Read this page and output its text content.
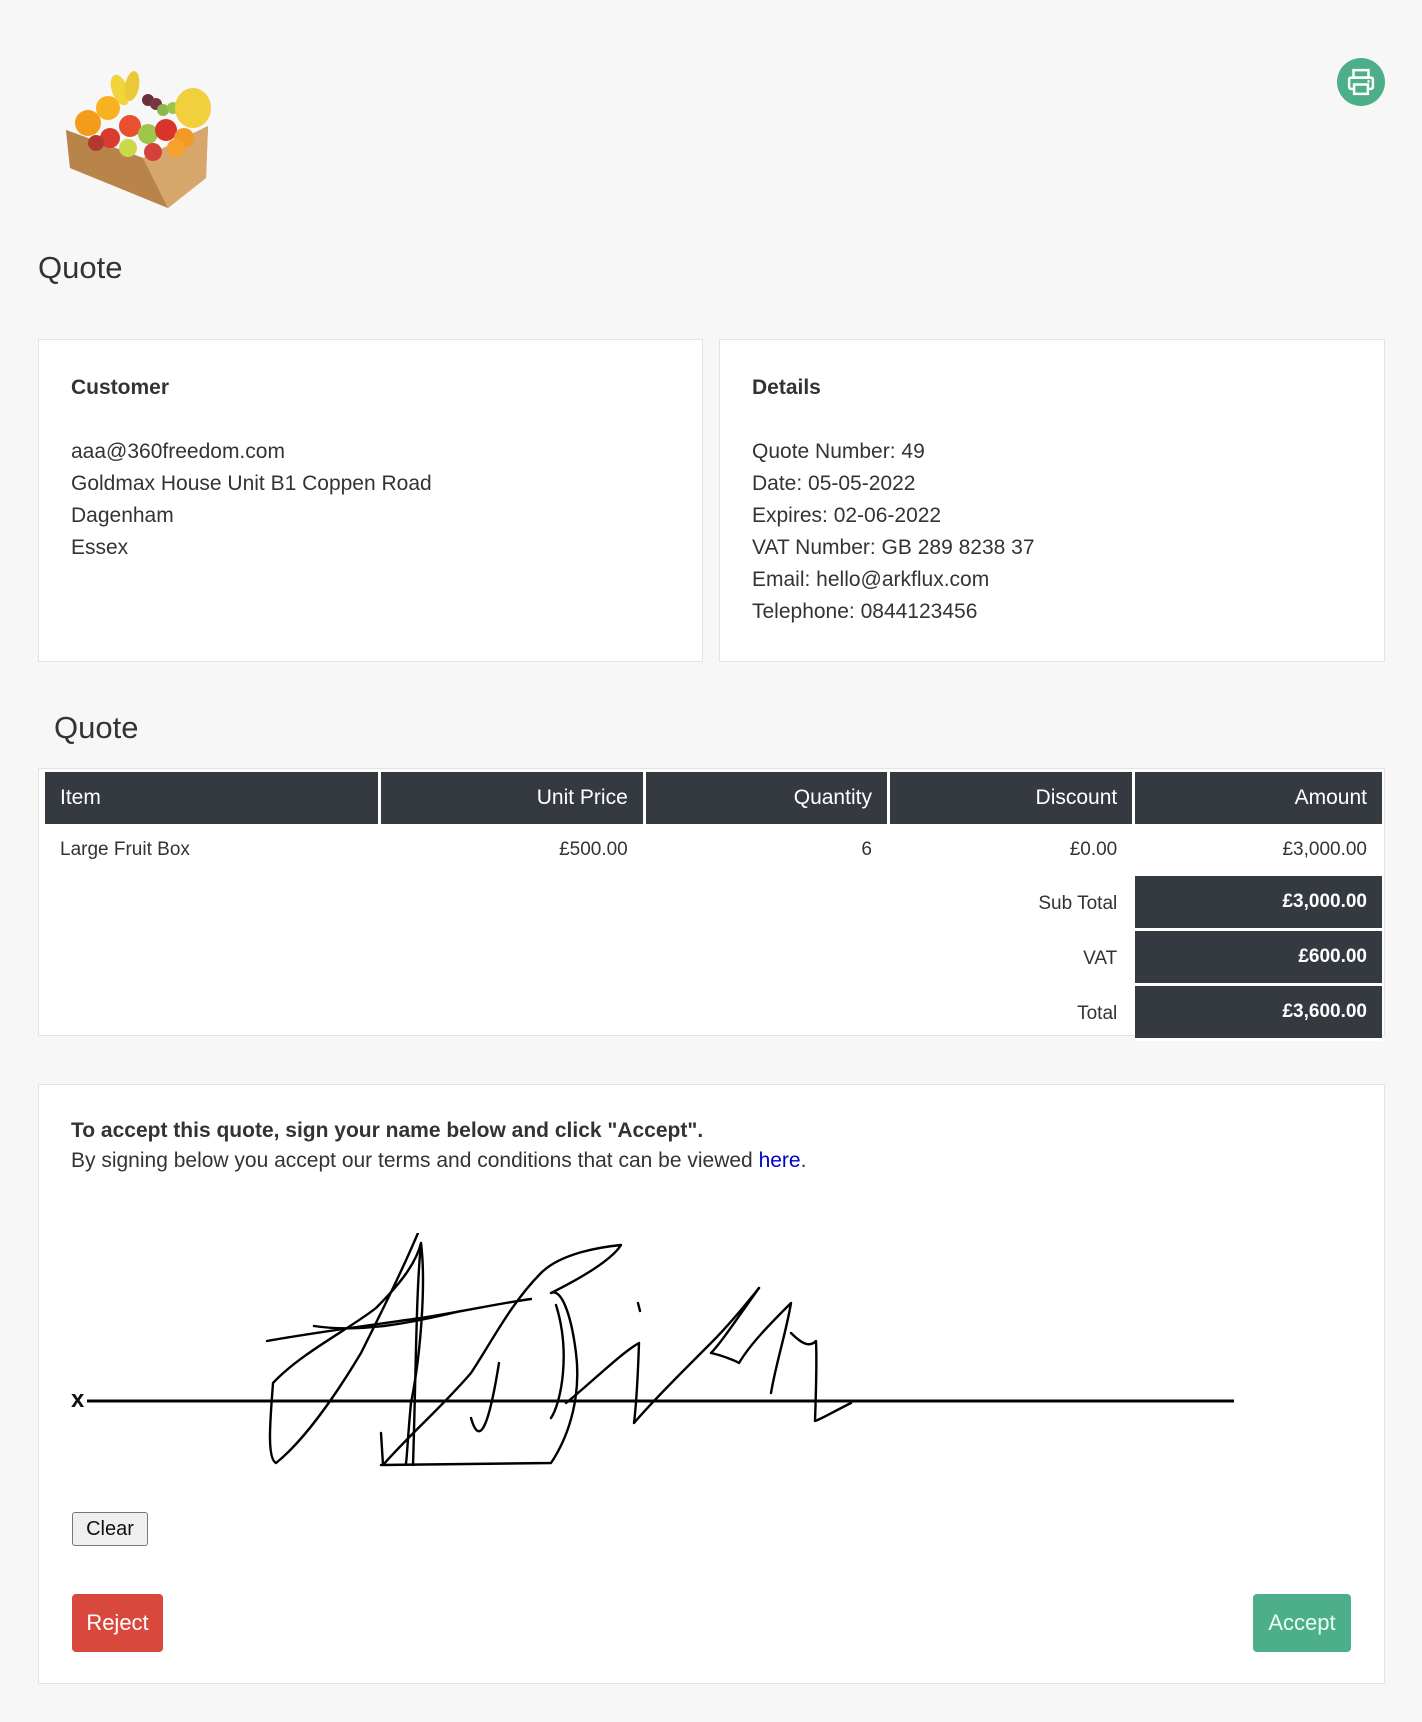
Quote
Customer
aaa@360freedom.com
Goldmax House Unit B1 Coppen Road
Dagenham
Essex
Details
Quote Number: 49
Date: 05-05-2022
Expires: 02-06-2022
VAT Number: GB 289 8238 37
Email: hello@arkflux.com
Telephone: 0844123456
Quote
Item	Unit Price	Quantity	Discount	Amount
Large Fruit Box	£500.00	6	£0.00	£3,000.00
			Sub Total	£3,000.00
			VAT	£600.00
			Total	£3,600.00

To accept this quote, sign your name below and click "Accept".

By signing below you accept our terms and conditions that can be viewed here.

x
Clear
Reject	Accept
